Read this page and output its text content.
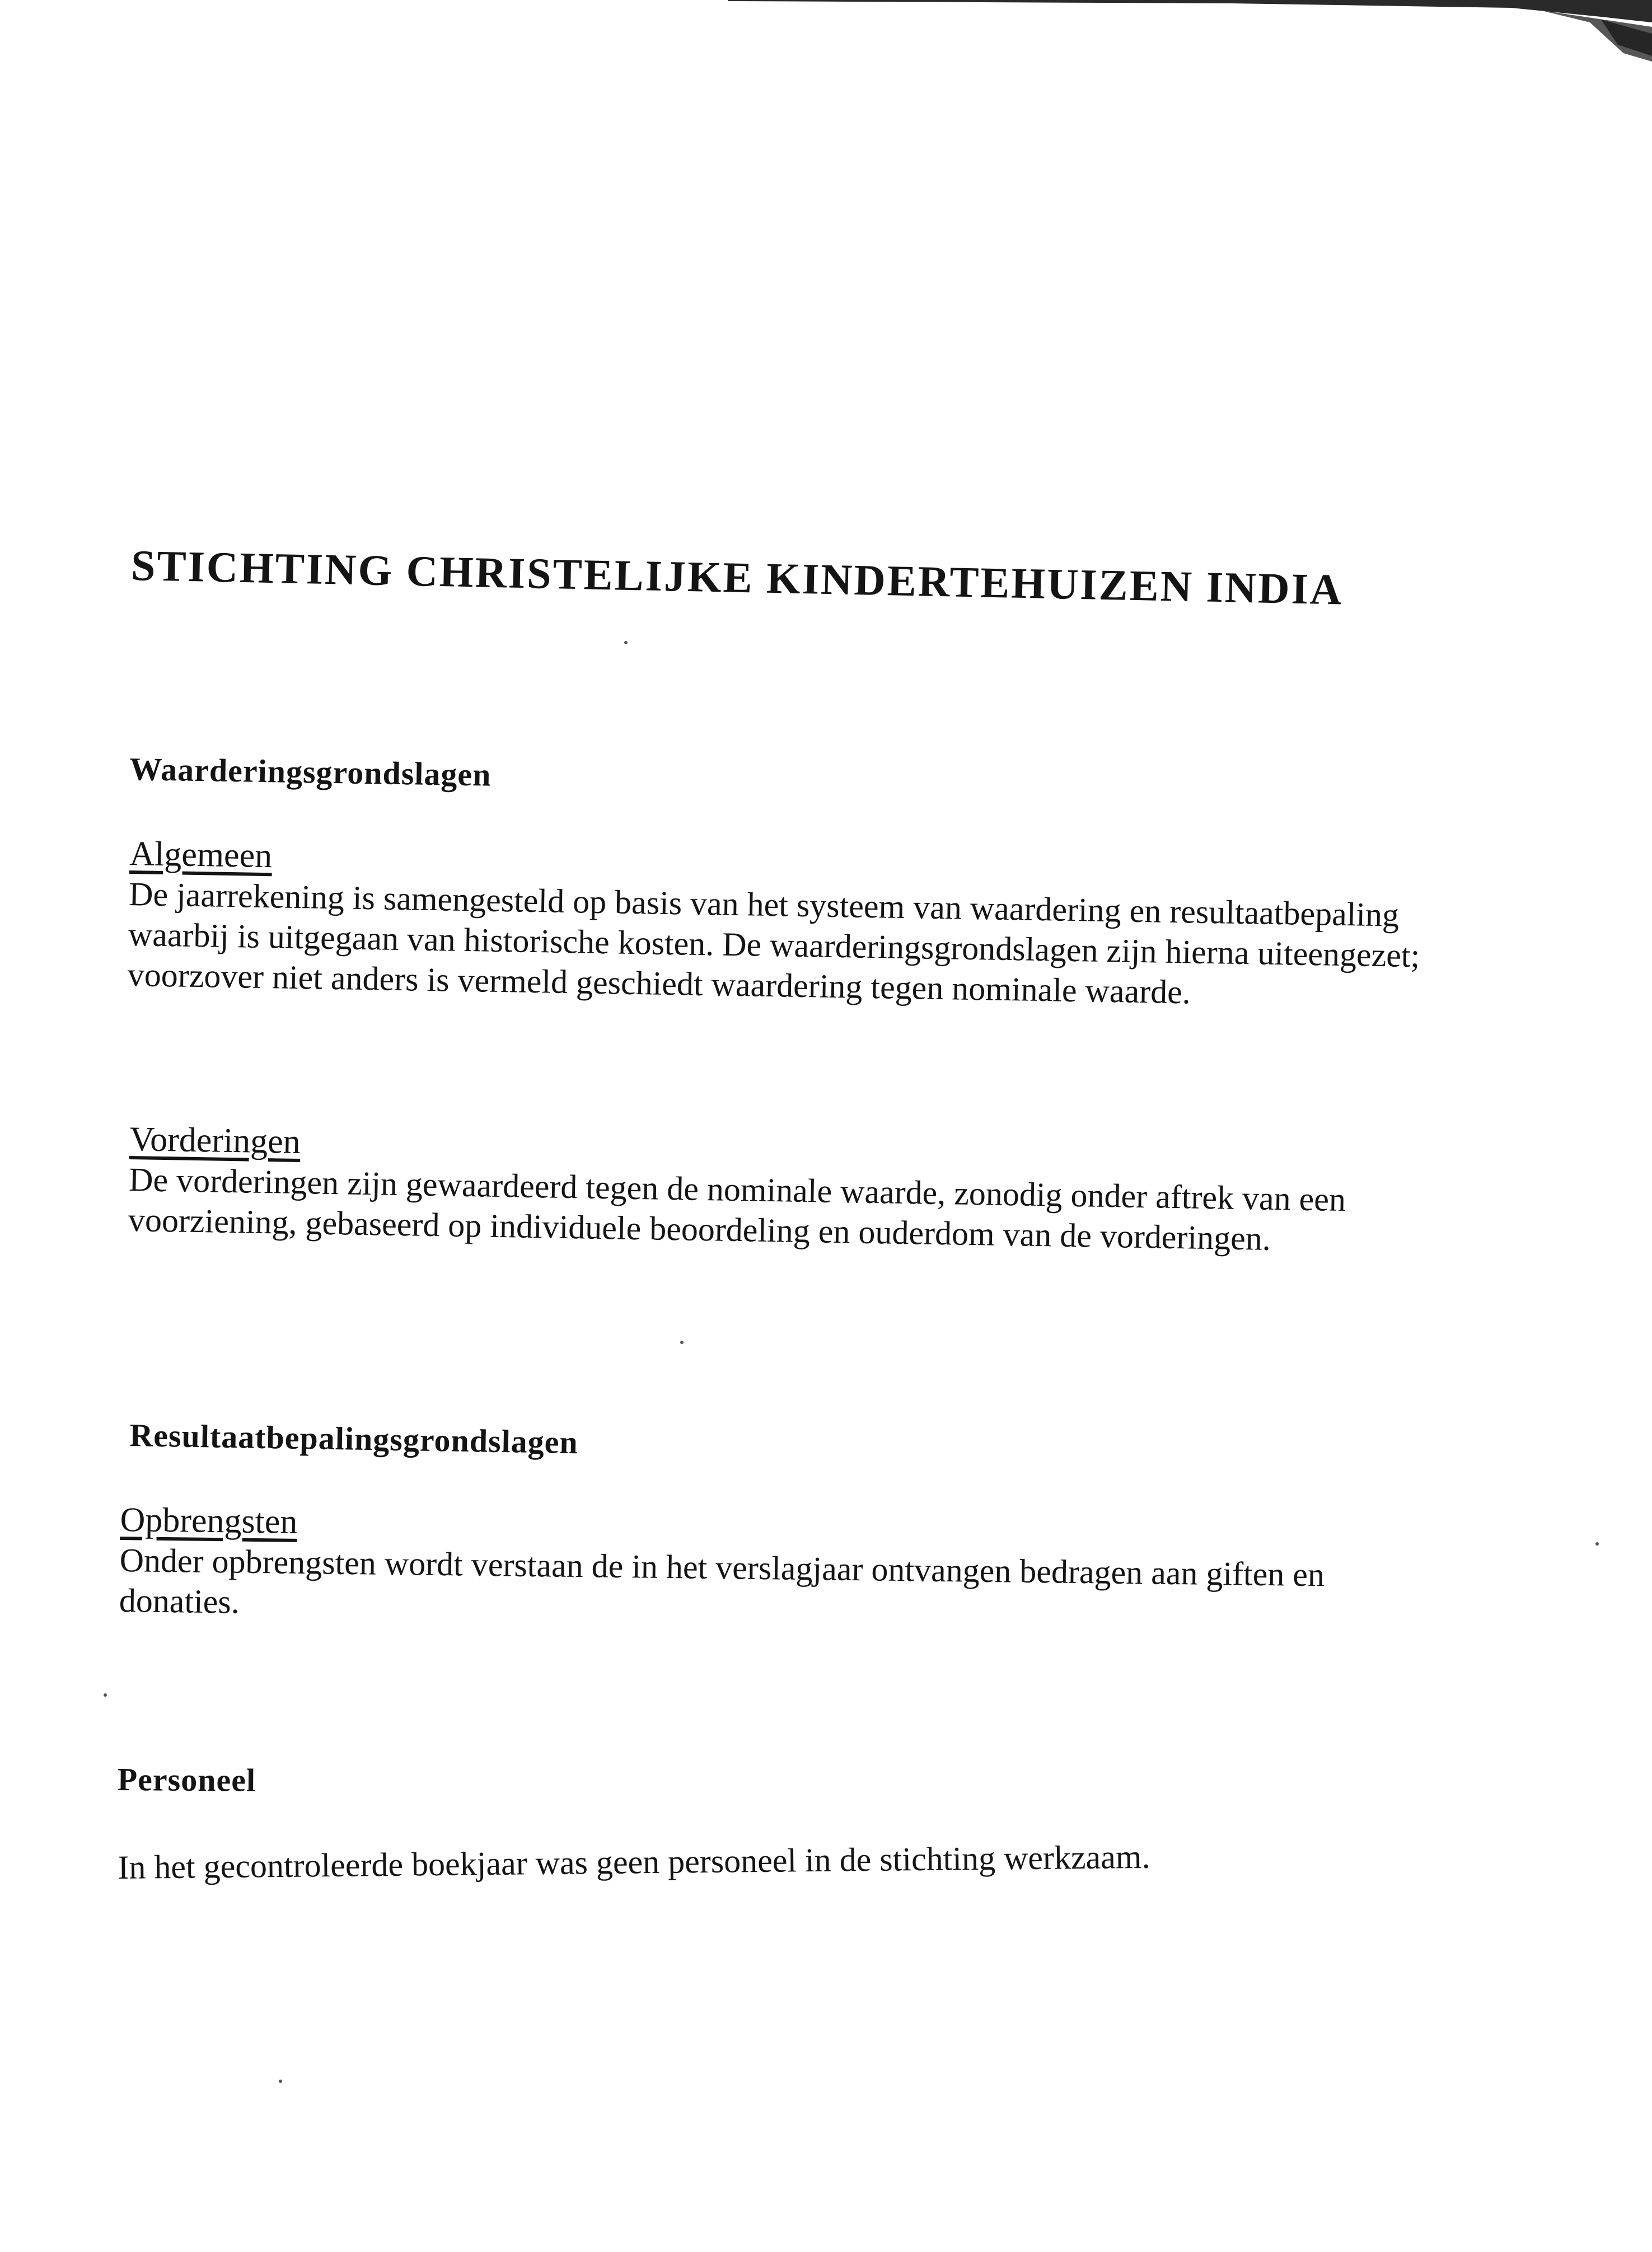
STICHTING CHRISTELIJKE KINDERTEHUIZEN INDIA

Waarderingsgrondslagen

Algemeen

De jaarrekening is samengesteld op basis van het systeem van waardering en resultaatbepaling waarbij is uitgegaan van historische kosten. De waarderingsgrondslagen zijn hierna uiteengezet; voorzover niet anders is vermeld geschiedt waardering tegen nominale waarde.

Vorderingen

De vorderingen zijn gewaardeerd tegen de nominale waarde, zonodig onder aftrek van een voorziening, gebaseerd op individuele beoordeling en ouderdom van de vorderingen.

Resultaatbepalingsgrondslagen

Opbrengsten

Onder opbrengsten wordt verstaan de in het verslagjaar ontvangen bedragen aan giften en donaties.

Personeel

In het gecontroleerde boekjaar was geen personeel in de stichting werkzaam.
